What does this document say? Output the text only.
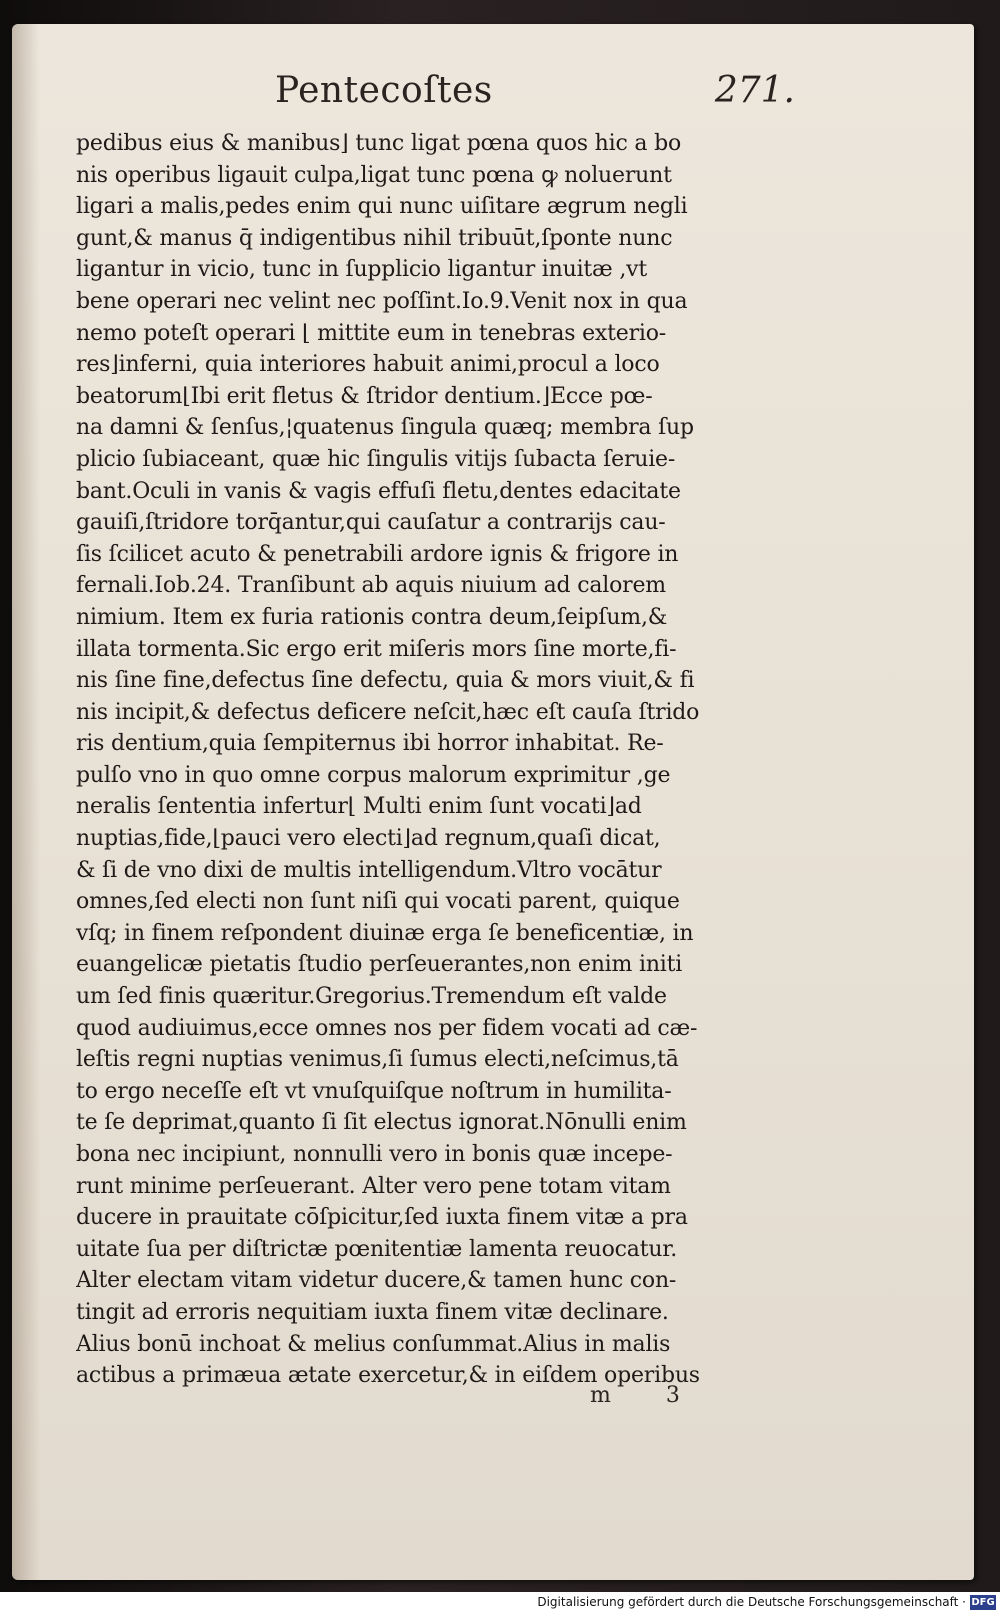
Pentecoſtes	271.
pedibus eius & manibus⌋ tunc ligat pœna quos hic a bo
nis operibus ligauit culpa,ligat tunc pœna ꝙ noluerunt
ligari a malis,pedes enim qui nunc uiſitare ægrum negli
gunt,& manus q̄ indigentibus nihil tribuūt,ſponte nunc
ligantur in vicio, tunc in ſupplicio ligantur inuitæ ,vt
bene operari nec velint nec poſſint.Io.9.Venit nox in qua
nemo poteſt operari ⌊ mittite eum in tenebras exterio-
res⌋inferni, quia interiores habuit animi,procul a loco
beatorum⌊Ibi erit fletus & ſtridor dentium.⌋Ecce pœ-
na damni & ſenſus,¦quatenus ſingula quæq; membra ſup
plicio ſubiaceant, quæ hic ſingulis vitijs ſubacta ſeruie-
bant.Oculi in vanis & vagis effuſi fletu,dentes edacitate
gauiſi,ſtridore torq̄antur,qui cauſatur a contrarijs cau-
ſis ſcilicet acuto & penetrabili ardore ignis & frigore in
fernali.Iob.24. Tranſibunt ab aquis niuium ad calorem
nimium. Item ex furia rationis contra deum,ſeipſum,&
illata tormenta.Sic ergo erit miſeris mors ſine morte,fi-
nis ſine fine,defectus ſine defectu, quia & mors viuit,& fi
nis incipit,& defectus deficere neſcit,hæc eſt cauſa ſtrido
ris dentium,quia ſempiternus ibi horror inhabitat. Re-
pulſo vno in quo omne corpus malorum exprimitur ,ge
neralis ſententia infertur⌊ Multi enim ſunt vocati⌋ad
nuptias,fide,⌊pauci vero electi⌋ad regnum,quaſi dicat,
& ſi de vno dixi de multis intelligendum.Vltro vocātur
omnes,ſed electi non ſunt niſi qui vocati parent, quique
vſq; in finem reſpondent diuinæ erga ſe beneficentiæ, in
euangelicæ pietatis ſtudio perſeuerantes,non enim initi
um ſed finis quæritur.Gregorius.Tremendum eſt valde
quod audiuimus,ecce omnes nos per fidem vocati ad cæ-
leſtis regni nuptias venimus,ſi ſumus electi,neſcimus,tā
to ergo neceſſe eſt vt vnuſquiſque noſtrum in humilita-
te ſe deprimat,quanto ſi ſit electus ignorat.Nōnulli enim
bona nec incipiunt, nonnulli vero in bonis quæ incepe-
runt minime perſeuerant. Alter vero pene totam vitam
ducere in prauitate cōſpicitur,ſed iuxta finem vitæ a pra
uitate ſua per diſtrictæ pœnitentiæ lamenta reuocatur.
Alter electam vitam videtur ducere,& tamen hunc con-
tingit ad erroris nequitiam iuxta finem vitæ declinare.
Alius bonū inchoat & melius conſummat.Alius in malis
actibus a primæua ætate exercetur,& in eiſdem operibus
m 3
Digitalisierung gefördert durch die Deutsche Forschungsgemeinschaft · DFG
